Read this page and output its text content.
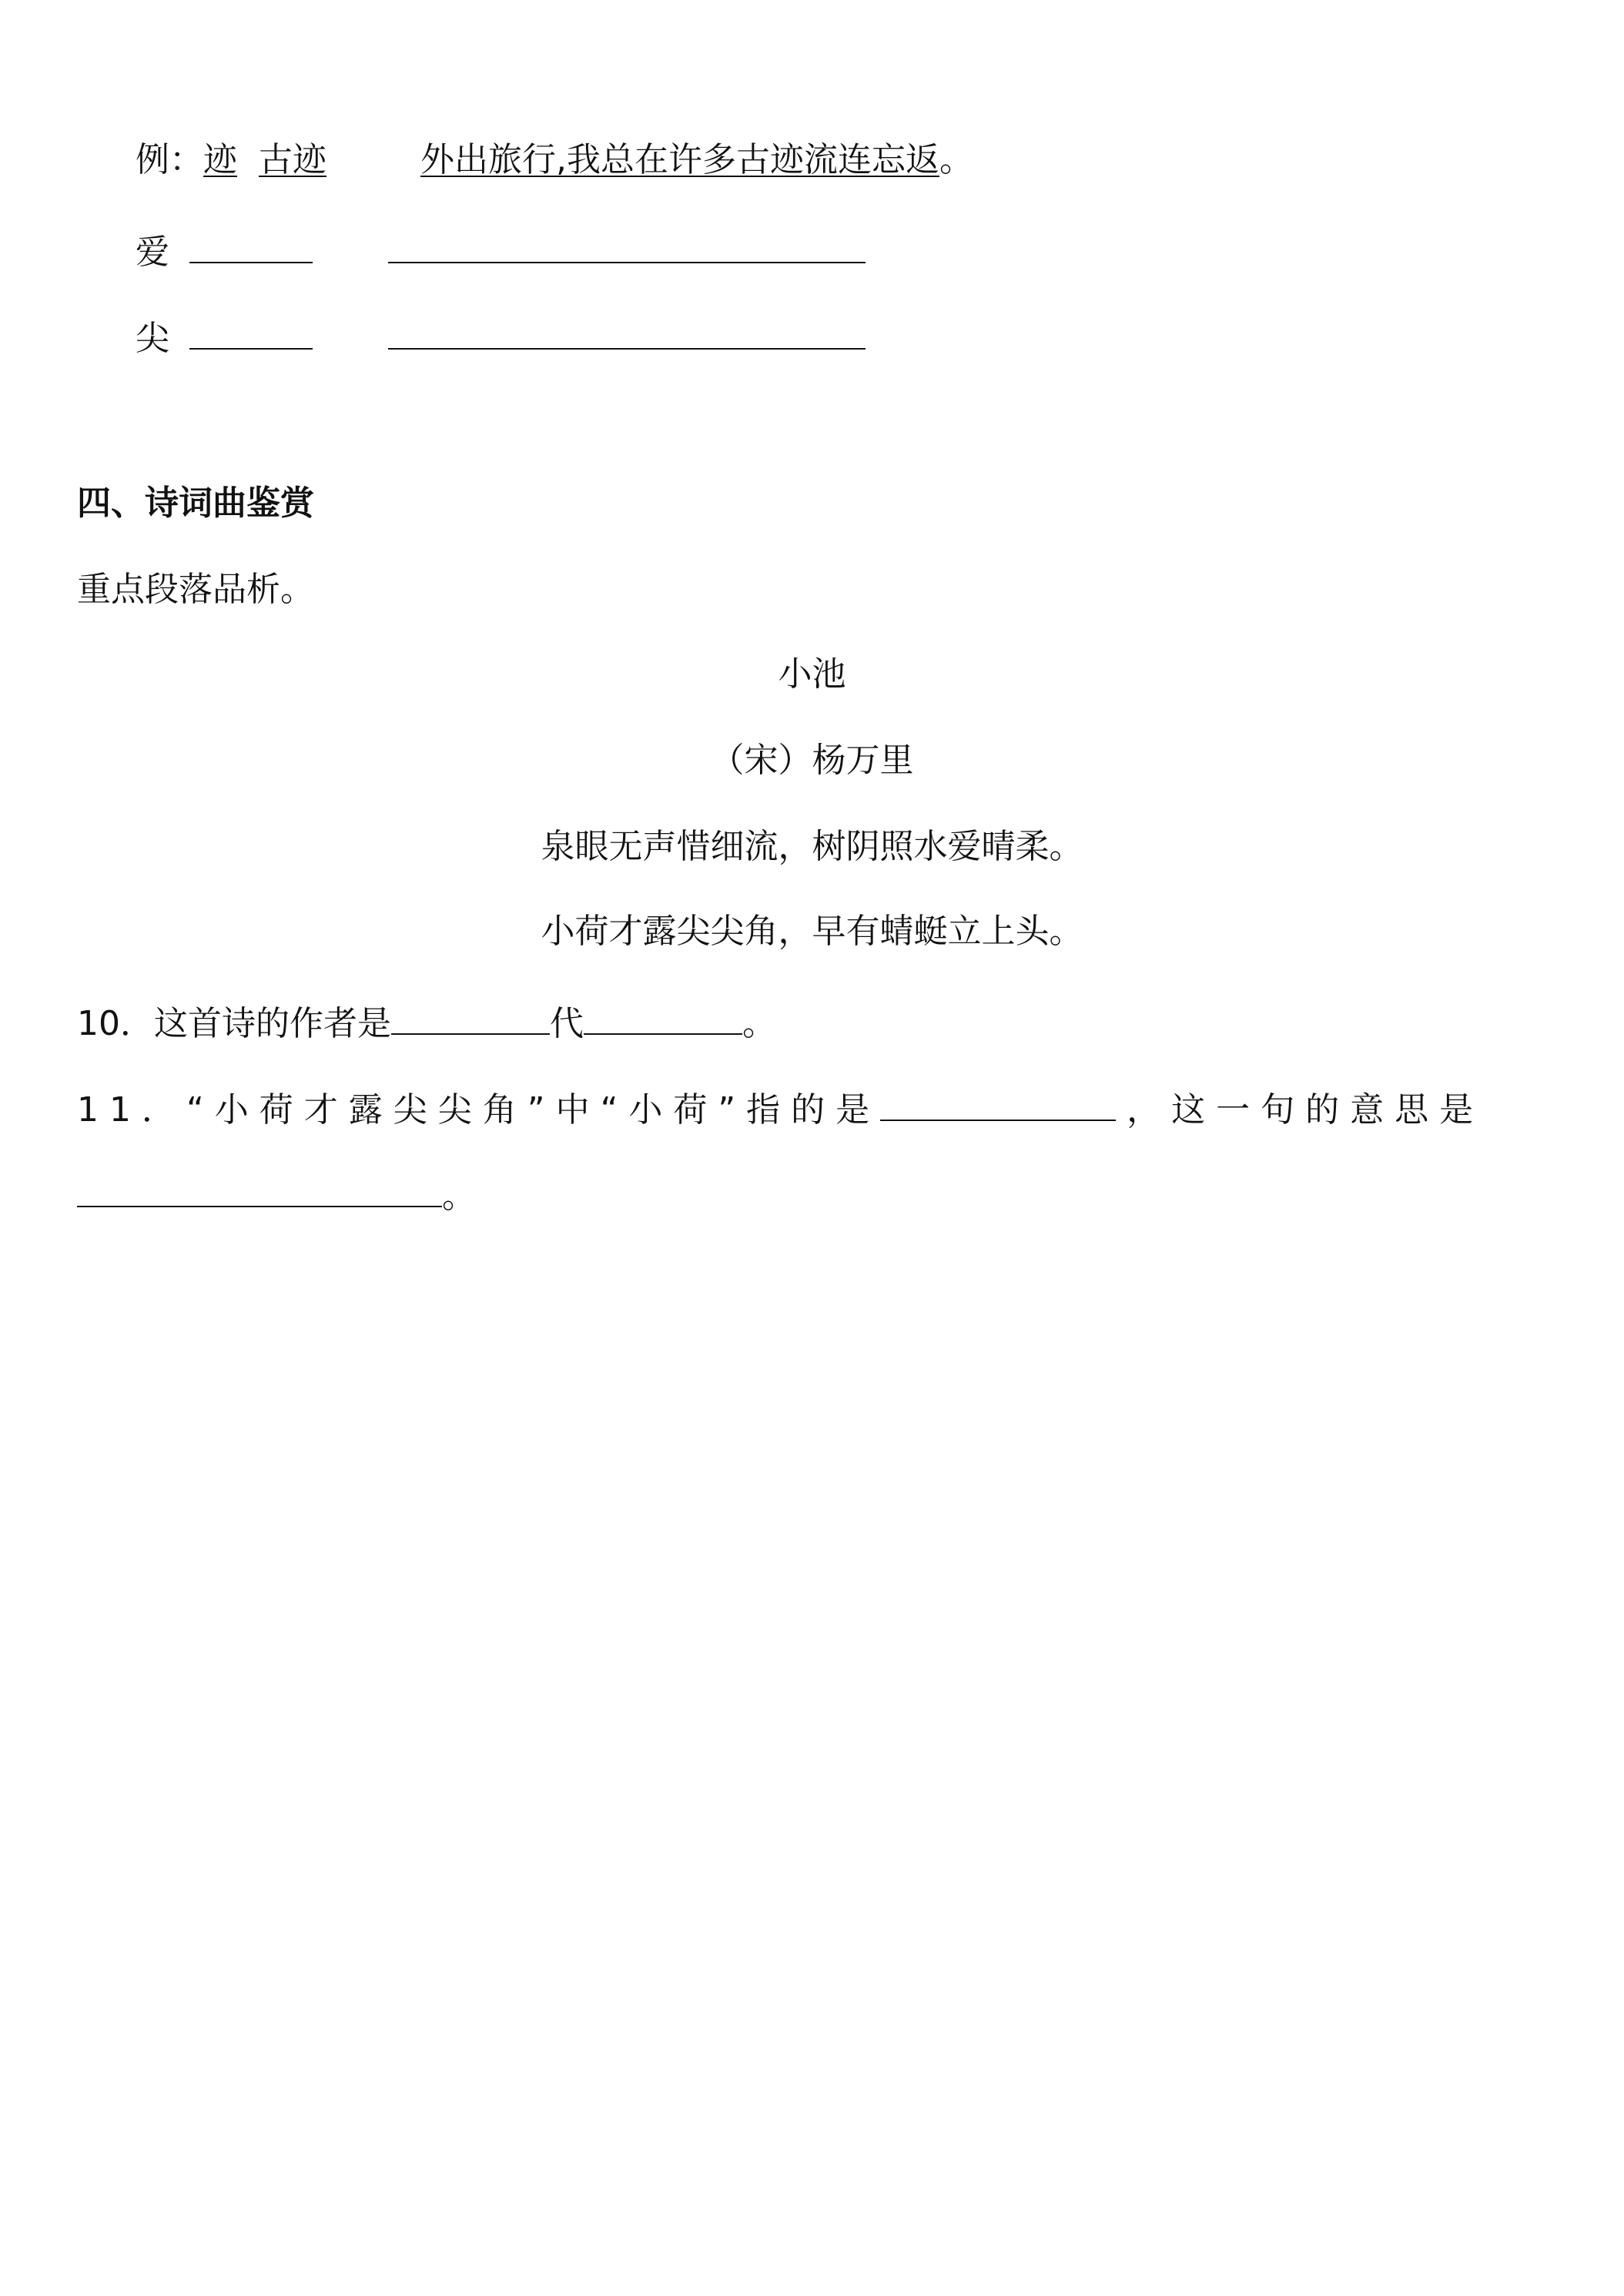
例：迹 古迹	外出旅行,我总在许多古迹流连忘返。
爱
尖
四、诗词曲鉴赏
重点段落品析。
小池
（宋）杨万里
泉眼无声惜细流，树阴照水爱晴柔。
小荷才露尖尖角，早有蜻蜓立上头。
10．这首诗的作者是	代	。
11．“小荷才露尖尖角”中“小荷”指的是	，这一句的意思是
。
